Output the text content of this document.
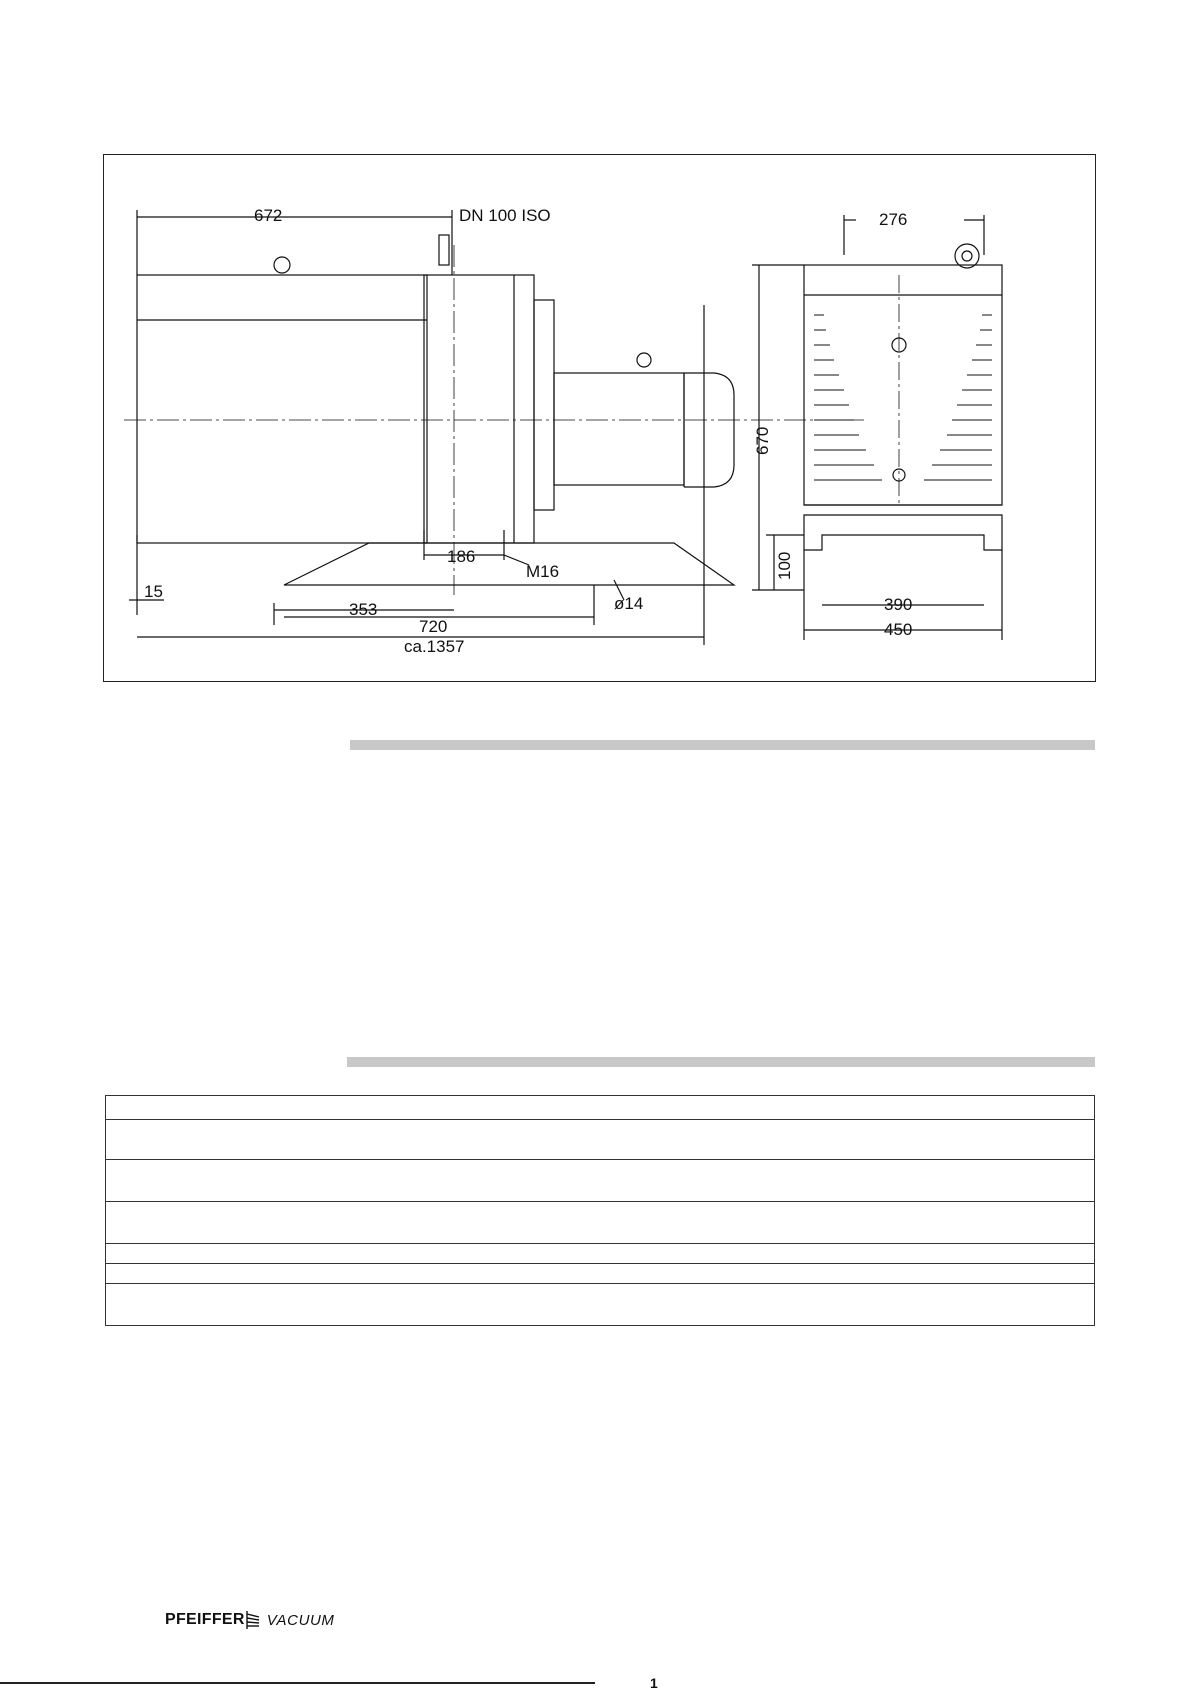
672	DN 100 ISO
186
M16
15
353	ø14
720
ca.1357
276
670
100
390
450

PFEIFFER VACUUM
1
